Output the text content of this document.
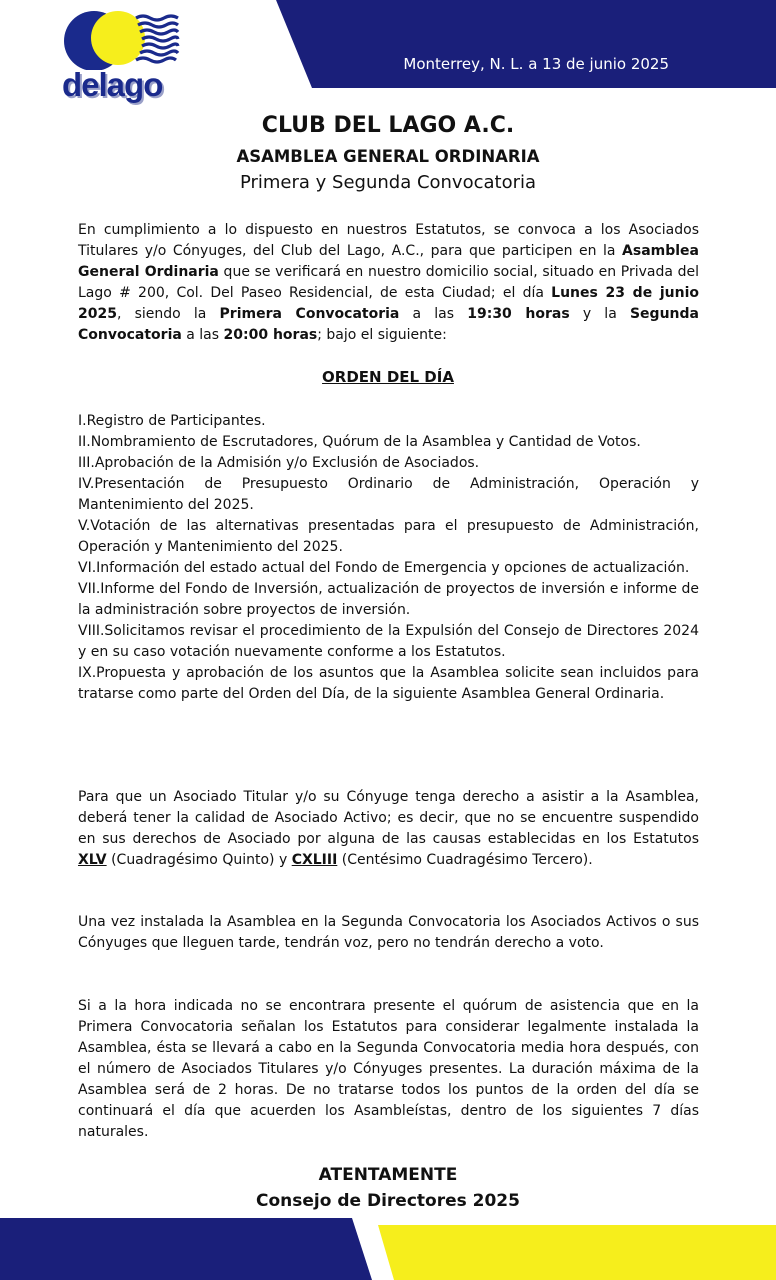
Monterrey, N. L. a 13 de junio 2025
delago
CLUB DEL LAGO A.C.
ASAMBLEA GENERAL ORDINARIA
Primera y Segunda Convocatoria
En cumplimiento a lo dispuesto en nuestros Estatutos, se convoca a los Asociados Titulares y/o Cónyuges, del Club del Lago, A.C., para que participen en la Asamblea General Ordinaria que se verificará en nuestro domicilio social, situado en Privada del Lago # 200, Col. Del Paseo Residencial, de esta Ciudad; el día Lunes 23 de junio 2025, siendo la Primera Convocatoria a las 19:30 horas y la Segunda Convocatoria a las 20:00 horas; bajo el siguiente:
ORDEN DEL DÍA
I.Registro de Participantes.
II.Nombramiento de Escrutadores, Quórum de la Asamblea y Cantidad de Votos.
III.Aprobación de la Admisión y/o Exclusión de Asociados.
IV.Presentación de Presupuesto Ordinario de Administración, Operación y Mantenimiento del 2025.
V.Votación de las alternativas presentadas para el presupuesto de Administración, Operación y Mantenimiento del 2025.
VI.Información del estado actual del Fondo de Emergencia y opciones de actualización.
VII.Informe del Fondo de Inversión, actualización de proyectos de inversión e informe de la administración sobre proyectos de inversión.
VIII.Solicitamos revisar el procedimiento de la Expulsión del Consejo de Directores 2024 y en su caso votación nuevamente conforme a los Estatutos.
IX.Propuesta y aprobación de los asuntos que la Asamblea solicite sean incluidos para tratarse como parte del Orden del Día, de la siguiente Asamblea General Ordinaria.
Para que un Asociado Titular y/o su Cónyuge tenga derecho a asistir a la Asamblea, deberá tener la calidad de Asociado Activo; es decir, que no se encuentre suspendido en sus derechos de Asociado por alguna de las causas establecidas en los Estatutos XLV (Cuadragésimo Quinto) y CXLIII (Centésimo Cuadragésimo Tercero).
Una vez instalada la Asamblea en la Segunda Convocatoria los Asociados Activos o sus Cónyuges que lleguen tarde, tendrán voz, pero no tendrán derecho a voto.
Si a la hora indicada no se encontrara presente el quórum de asistencia que en la Primera Convocatoria señalan los Estatutos para considerar legalmente instalada la Asamblea, ésta se llevará a cabo en la Segunda Convocatoria media hora después, con el número de Asociados Titulares y/o Cónyuges presentes. La duración máxima de la Asamblea será de 2 horas. De no tratarse todos los puntos de la orden del día se continuará el día que acuerden los Asambleístas, dentro de los siguientes 7 días naturales.
ATENTAMENTE
Consejo de Directores 2025
